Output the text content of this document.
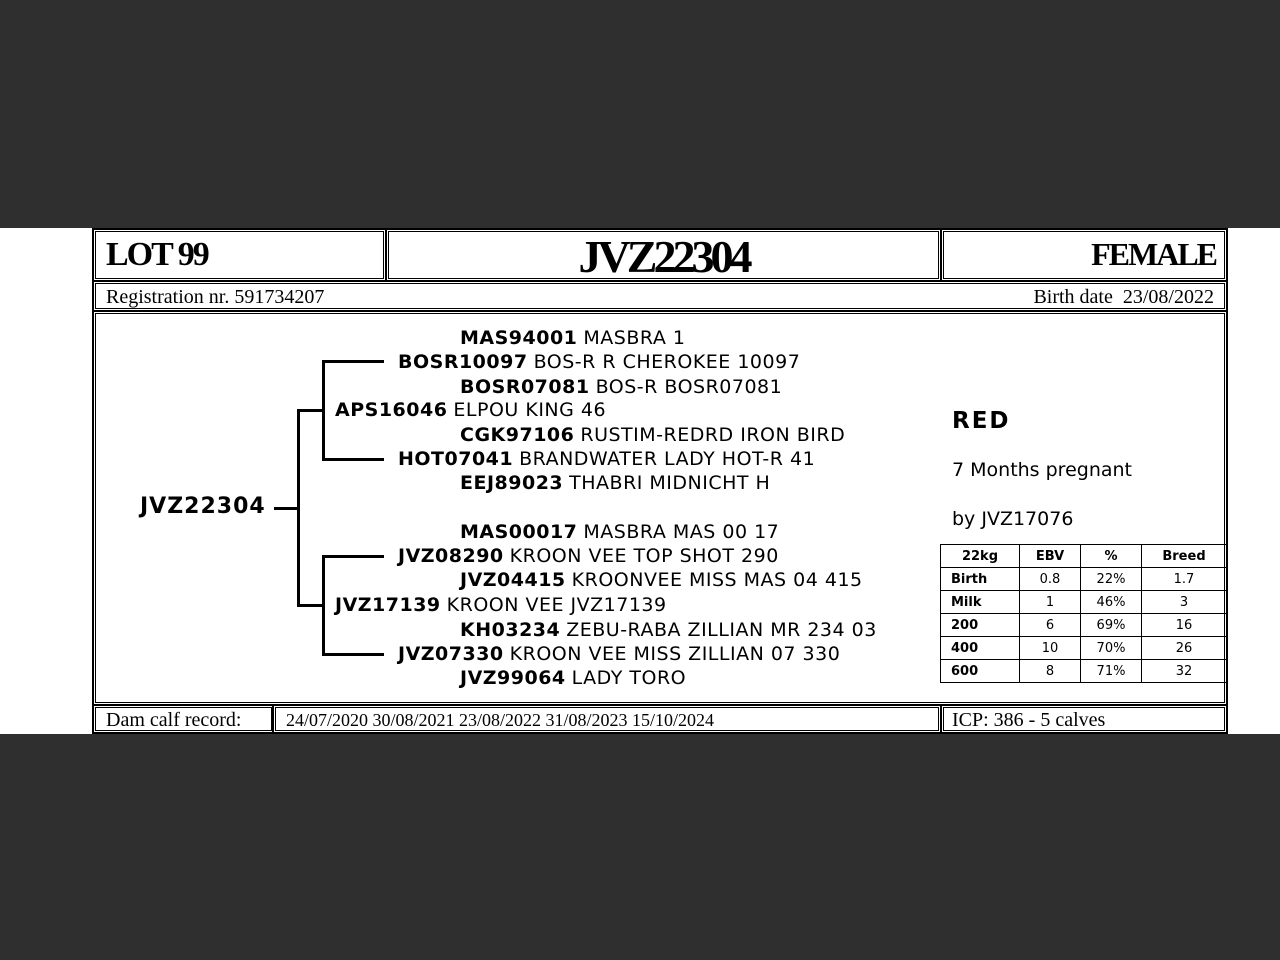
LOT 99	JVZ22304	FEMALE
Registration nr. 591734207	Birth date 23/08/2022
JVZ22304
MAS94001 MASBRA 1
BOSR10097 BOS-R R CHEROKEE 10097
BOSR07081 BOS-R BOSR07081
APS16046 ELPOU KING 46
CGK97106 RUSTIM-REDRD IRON BIRD
HOT07041 BRANDWATER LADY HOT-R 41
EEJ89023 THABRI MIDNICHT H
MAS00017 MASBRA MAS 00 17
JVZ08290 KROON VEE TOP SHOT 290
JVZ04415 KROONVEE MISS MAS 04 415
JVZ17139 KROON VEE JVZ17139
KH03234 ZEBU-RABA ZILLIAN MR 234 03
JVZ07330 KROON VEE MISS ZILLIAN 07 330
JVZ99064 LADY TORO
RED
7 Months pregnant
by JVZ17076
22kg	EBV	%	Breed
Birth	0.8	22%	1.7
Milk	1	46%	3
200	6	69%	16
400	10	70%	26
600	8	71%	32
Dam calf record: 24/07/2020 30/08/2021 23/08/2022 31/08/2023 15/10/2024	ICP: 386 - 5 calves
